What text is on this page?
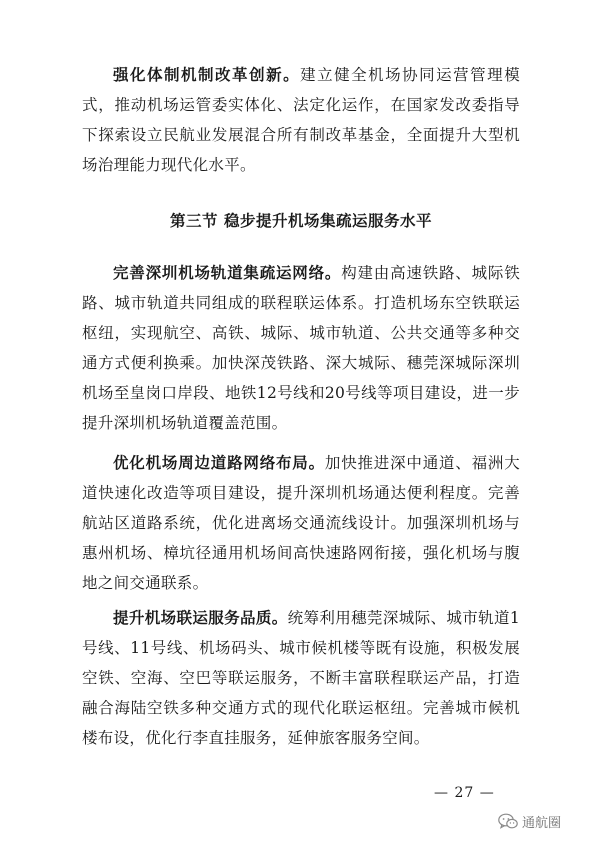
强化体制机制改革创新。建立健全机场协同运营管理模式，推动机场运管委实体化、法定化运作，在国家发改委指导下探索设立民航业发展混合所有制改革基金，全面提升大型机场治理能力现代化水平。

第三节 稳步提升机场集疏运服务水平

完善深圳机场轨道集疏运网络。构建由高速铁路、城际铁路、城市轨道共同组成的联程联运体系。打造机场东空铁联运枢纽，实现航空、高铁、城际、城市轨道、公共交通等多种交通方式便利换乘。加快深茂铁路、深大城际、穗莞深城际深圳机场至皇岗口岸段、地铁12号线和20号线等项目建设，进一步提升深圳机场轨道覆盖范围。

优化机场周边道路网络布局。加快推进深中通道、福洲大道快速化改造等项目建设，提升深圳机场通达便利程度。完善航站区道路系统，优化进离场交通流线设计。加强深圳机场与惠州机场、樟坑径通用机场间高快速路网衔接，强化机场与腹地之间交通联系。

提升机场联运服务品质。统筹利用穗莞深城际、城市轨道1号线、11号线、机场码头、城市候机楼等既有设施，积极发展空铁、空海、空巴等联运服务，不断丰富联程联运产品，打造融合海陆空铁多种交通方式的现代化联运枢纽。完善城市候机楼布设，优化行李直挂服务，延伸旅客服务空间。

— 27 —
通航圈
